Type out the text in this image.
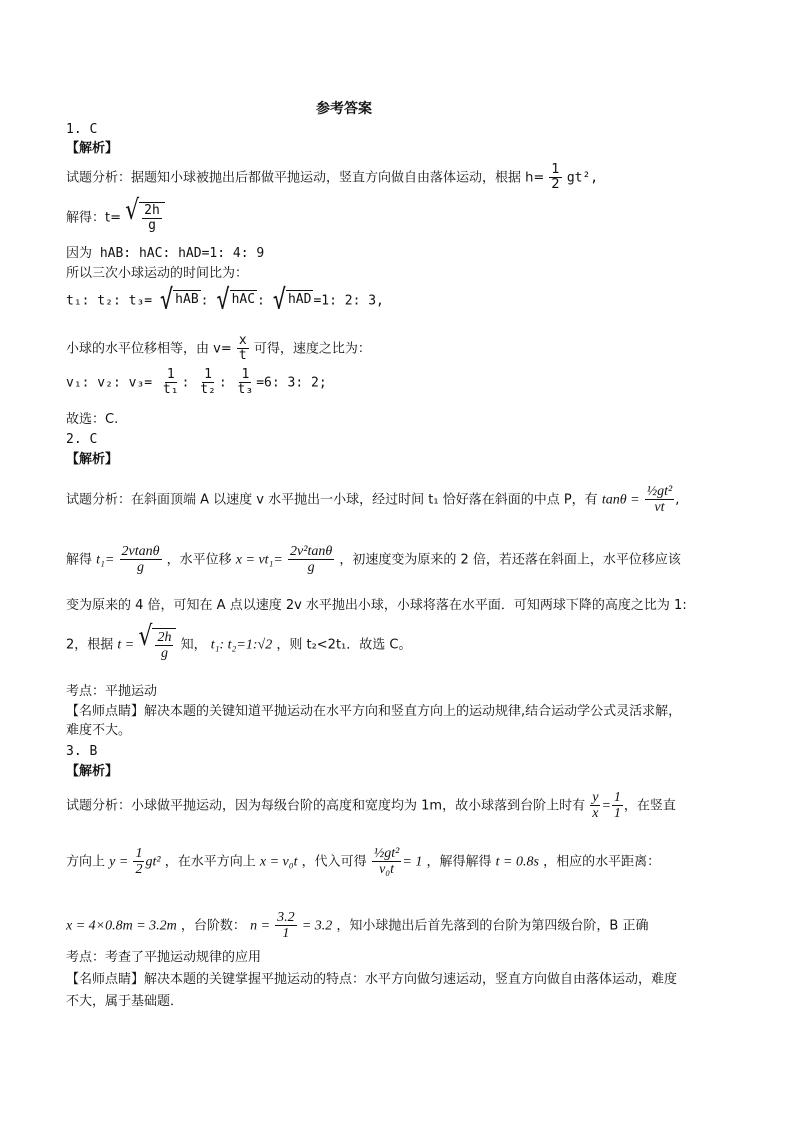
参考答案
1. C
【解析】
试题分析：据题知小球被抛出后都做平抛运动，竖直方向做自由落体运动，根据 $h= \frac{1}{2} gt^2$,
解得：t= √ $\frac{2h}{g}$
因为 hAB: hAC: hAD=1: 4: 9
所以三次小球运动的时间比为：
t₁: t₂: t₃= √ hAB : √ hAC : √ hAD =1: 2: 3,
小球的水平位移相等，由 $v= \frac{x}{t}$ 可得，速度之比为：
v₁: v₂: $v_3= \frac{1}{\text{t₁}}$ : $\frac{1}{\text{t₂}}$ : $\frac{1}{\text{t₃}} =6$: 3: 2;
故选：C.
2. C
【解析】
试题分析：在斜面顶端 A 以速度 v 水平抛出一小球，经过时间 t₁ 恰好落在斜面的中点 P，有 $\tan\theta = \frac{\text{½gt²}}{vt}$ ,
解得 $t_1= \frac{2vtan\theta}{g}$ ，水平位移 $x = vt_1= \frac{\text{2v²tanθ}}{g}$ ，初速度变为原来的 2 倍，若还落在斜面上，水平位移应该
变为原来的 4 倍，可知在 A 点以速度 2v 水平抛出小球，小球将落在水平面．可知两球下降的高度之比为 1:
2，根据 t = √ $\frac{2h}{g}$ 知， t₁: t₂=1:√2 ，则 t₂<2t₁．故选 C。
考点：平抛运动
【名师点睛】解决本题的关键知道平抛运动在水平方向和竖直方向上的运动规律,结合运动学公式灵活求解，
难度不大。
3. B
【解析】
试题分析：小球做平抛运动，因为每级台阶的高度和宽度均为 1m，故小球落到台阶上时有 $\frac{y}{x} = \frac{1}{1}$ ，在竖直
方向上 $y = \frac{1}{2} gt^2$ ，在水平方向上 x = v₀t ，代入可得 $\frac{\text{½gt²}}{\text{v₀t}} = 1$ ，解得解得 t = 0.8s ，相应的水平距离：
x = 4×0.8m = 3.2m ，台阶数： $n = \frac{3.2}{1} = 3.2$ ，知小球抛出后首先落到的台阶为第四级台阶，B 正确
考点：考查了平抛运动规律的应用
【名师点睛】解决本题的关键掌握平抛运动的特点：水平方向做匀速运动，竖直方向做自由落体运动，难度
不大，属于基础题．
